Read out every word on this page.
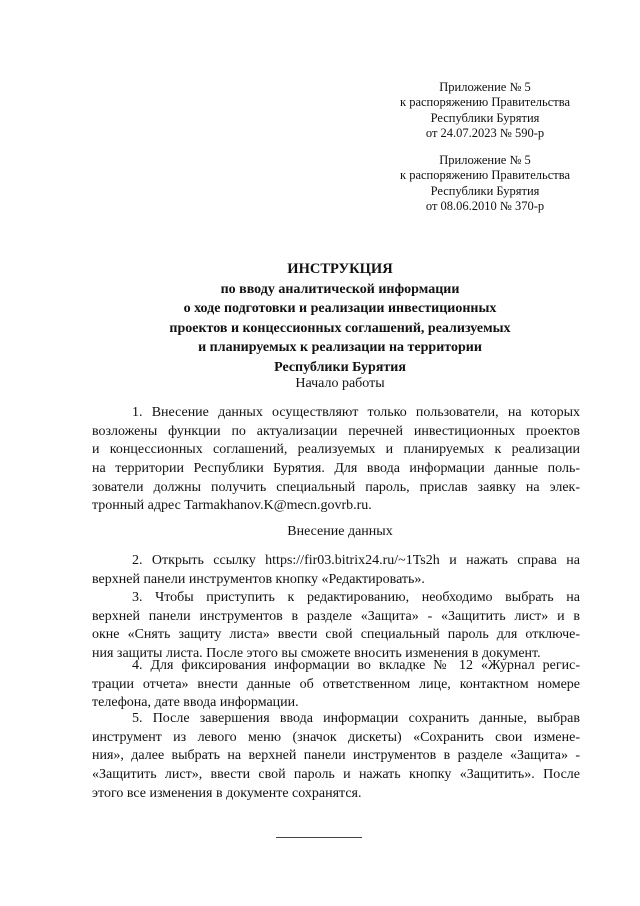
Приложение № 5
к распоряжению Правительства
Республики Бурятия
от 24.07.2023 № 590-р
Приложение № 5
к распоряжению Правительства
Республики Бурятия
от 08.06.2010 № 370-р
ИНСТРУКЦИЯ
по вводу аналитической информации
о ходе подготовки и реализации инвестиционных
проектов и концессионных соглашений, реализуемых
и планируемых к реализации на территории
Республики Бурятия
Начало работы
1. Внесение данных осуществляют только пользователи, на которых
возложены функции по актуализации перечней инвестиционных проектов
и концессионных соглашений, реализуемых и планируемых к реализации
на территории Республики Бурятия. Для ввода информации данные поль-
зователи должны получить специальный пароль, прислав заявку на элек-
тронный адрес Tarmakhanov.K@mecn.govrb.ru.
Внесение данных
2. Открыть ссылку https://fir03.bitrix24.ru/~1Ts2h и нажать справа на
верхней панели инструментов кнопку «Редактировать».
3. Чтобы приступить к редактированию, необходимо выбрать на
верхней панели инструментов в разделе «Защита» - «Защитить лист» и в
окне «Снять защиту листа» ввести свой специальный пароль для отключе-
ния защиты листа. После этого вы сможете вносить изменения в документ.
4. Для фиксирования информации во вкладке № 12 «Журнал регис-
трации отчета» внести данные об ответственном лице, контактном номере
телефона, дате ввода информации.
5. После завершения ввода информации сохранить данные, выбрав
инструмент из левого меню (значок дискеты) «Сохранить свои измене-
ния», далее выбрать на верхней панели инструментов в разделе «Защита» -
«Защитить лист», ввести свой пароль и нажать кнопку «Защитить». После
этого все изменения в документе сохранятся.
